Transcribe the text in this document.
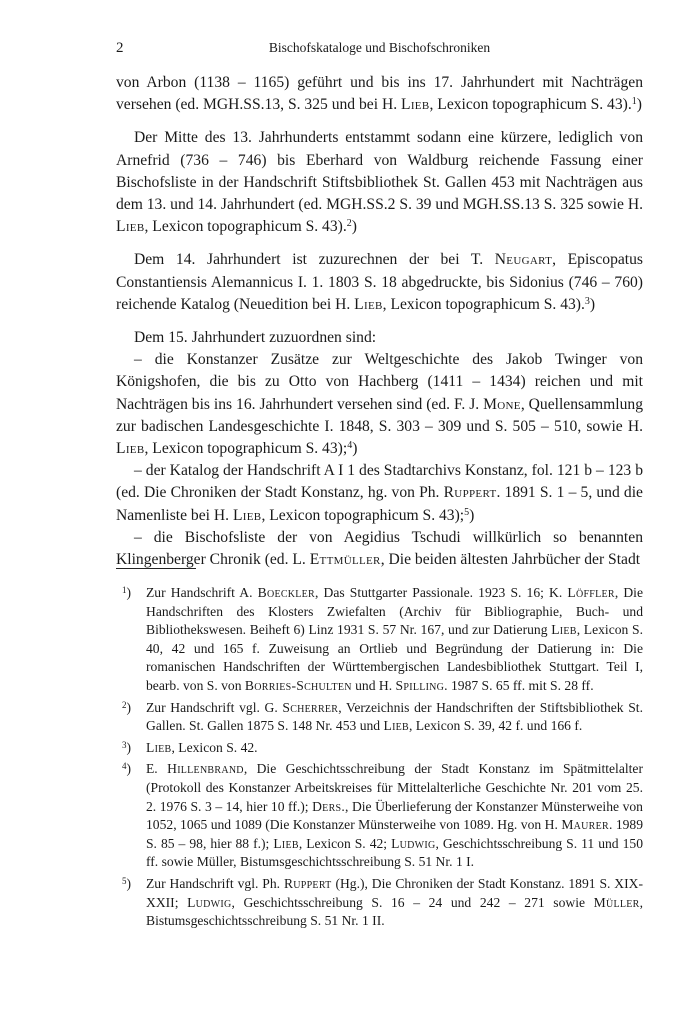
2	Bischofskataloge und Bischofschroniken

von Arbon (1138 – 1165) geführt und bis ins 17. Jahrhundert mit Nachträgen versehen (ed. MGH.SS.13, S. 325 und bei H. Lieb, Lexicon topographicum S. 43).$^1$)

Der Mitte des 13. Jahrhunderts entstammt sodann eine kürzere, lediglich von Arnefrid (736 – 746) bis Eberhard von Waldburg reichende Fassung einer Bischofsliste in der Handschrift Stiftsbibliothek St. Gallen 453 mit Nachträgen aus dem 13. und 14. Jahrhundert (ed. MGH.SS.2 S. 39 und MGH.SS.13 S. 325 sowie H. Lieb, Lexicon topographicum S. 43).$^2$)

Dem 14. Jahrhundert ist zuzurechnen der bei T. Neugart, Episcopatus Constantiensis Alemannicus I. 1. 1803 S. 18 abgedruckte, bis Sidonius (746 – 760) reichende Katalog (Neuedition bei H. Lieb, Lexicon topographicum S. 43).$^3$)

Dem 15. Jahrhundert zuzuordnen sind:

– die Konstanzer Zusätze zur Weltgeschichte des Jakob Twinger von Königshofen, die bis zu Otto von Hachberg (1411 – 1434) reichen und mit Nachträgen bis ins 16. Jahrhundert versehen sind (ed. F. J. Mone, Quellensammlung zur badischen Landesgeschichte I. 1848, S. 303 – 309 und S. 505 – 510, sowie H. Lieb, Lexicon topographicum S. 43);$^4$)

– der Katalog der Handschrift A I 1 des Stadtarchivs Konstanz, fol. 121 b – 123 b (ed. Die Chroniken der Stadt Konstanz, hg. von Ph. Ruppert. 1891 S. 1 – 5, und die Namenliste bei H. Lieb, Lexicon topographicum S. 43);$^5$)

– die Bischofsliste der von Aegidius Tschudi willkürlich so benannten Klingenberger Chronik (ed. L. Ettmüller, Die beiden ältesten Jahrbücher der Stadt

$^1$)	Zur Handschrift A. Boeckler, Das Stuttgarter Passionale. 1923 S. 16; K. Löffler, Die Handschriften des Klosters Zwiefalten (Archiv für Bibliographie, Buch- und Bibliothekswesen. Beiheft 6) Linz 1931 S. 57 Nr. 167, und zur Datierung Lieb, Lexicon S. 40, 42 und 165 f. Zuweisung an Ortlieb und Begründung der Datierung in: Die romanischen Handschriften der Württembergischen Landesbibliothek Stuttgart. Teil I, bearb. von S. von Borries-Schulten und H. Spilling. 1987 S. 65 ff. mit S. 28 ff.
$^2$)	Zur Handschrift vgl. G. Scherrer, Verzeichnis der Handschriften der Stiftsbibliothek St. Gallen. St. Gallen 1875 S. 148 Nr. 453 und Lieb, Lexicon S. 39, 42 f. und 166 f.
$^3$)	Lieb, Lexicon S. 42.
$^4$)	E. Hillenbrand, Die Geschichtsschreibung der Stadt Konstanz im Spätmittelalter (Protokoll des Konstanzer Arbeitskreises für Mittelalterliche Geschichte Nr. 201 vom 25. 2. 1976 S. 3 – 14, hier 10 ff.); Ders., Die Überlieferung der Konstanzer Münsterweihe von 1052, 1065 und 1089 (Die Konstanzer Münsterweihe von 1089. Hg. von H. Maurer. 1989 S. 85 – 98, hier 88 f.); Lieb, Lexicon S. 42; Ludwig, Geschichtsschreibung S. 11 und 150 ff. sowie Müller, Bistumsgeschichtsschreibung S. 51 Nr. 1 I.
$^5$)	Zur Handschrift vgl. Ph. Ruppert (Hg.), Die Chroniken der Stadt Konstanz. 1891 S. XIX-XXII; Ludwig, Geschichtsschreibung S. 16 – 24 und 242 – 271 sowie Müller, Bistumsgeschichtsschreibung S. 51 Nr. 1 II.
